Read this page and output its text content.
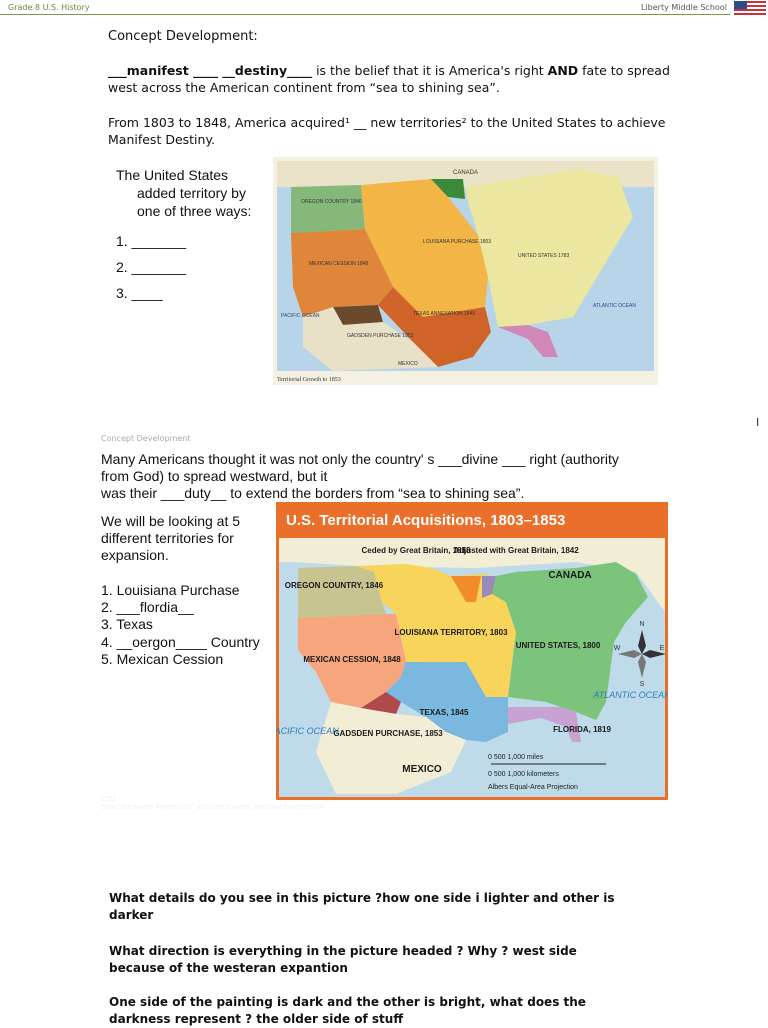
Grade 8 U.S. History	Liberty Middle School
Concept Development:
___manifest ____ __destiny____ is the belief that it is America's right AND fate to spread
west across the American continent from “sea to shining sea”.
From 1803 to 1848, America acquired¹ __ new territories² to the United States to achieve
Manifest Destiny.
The United States
added territory by
one of three ways:
1. _______
2. _______
3. ____
CANADA
OREGON COUNTRY 1846
LOUISIANA PURCHASE 1803
UNITED STATES 1783
MEXICAN CESSION 1848
TEXAS ANNEXATION 1845
GADSDEN PURCHASE 1853
PACIFIC OCEAN
ATLANTIC OCEAN
MEXICO
Territorial Growth to 1853
I
Concept Development
Many Americans thought it was not only the country' s ___divine ___ right (authority
from God) to spread westward, but it
was their ___duty__ to extend the borders from “sea to shining sea”.
We will be looking at 5
different territories for
expansion.
1. Louisiana Purchase
2. ___flordia__
3. Texas
4. __oergon____ Country
5. Mexican Cession
U.S. Territorial Acquisitions, 1803–1853
Ceded by Great Britain, 1818
Adjusted with Great Britain, 1842
CANADA
OREGON COUNTRY, 1846
LOUISIANA TERRITORY, 1803
UNITED STATES, 1800
MEXICAN CESSION, 1848
TEXAS, 1845
GADSDEN PURCHASE, 1853	FLORIDA, 1819
MEXICO
PACIFIC OCEAN
ATLANTIC OCEAN
N
S
E
W
0 500 1,000 miles
0 500 1,000 kilometers
Albers Equal-Area Projection
CTU
Describe some Americans' attitude toward westward expansion
What details do you see in this picture ?how one side i lighter and other is
darker
What direction is everything in the picture headed ? Why ? west side
because of the westeran expantion
One side of the painting is dark and the other is bright, what does the
darkness represent ? the older side of stuff
